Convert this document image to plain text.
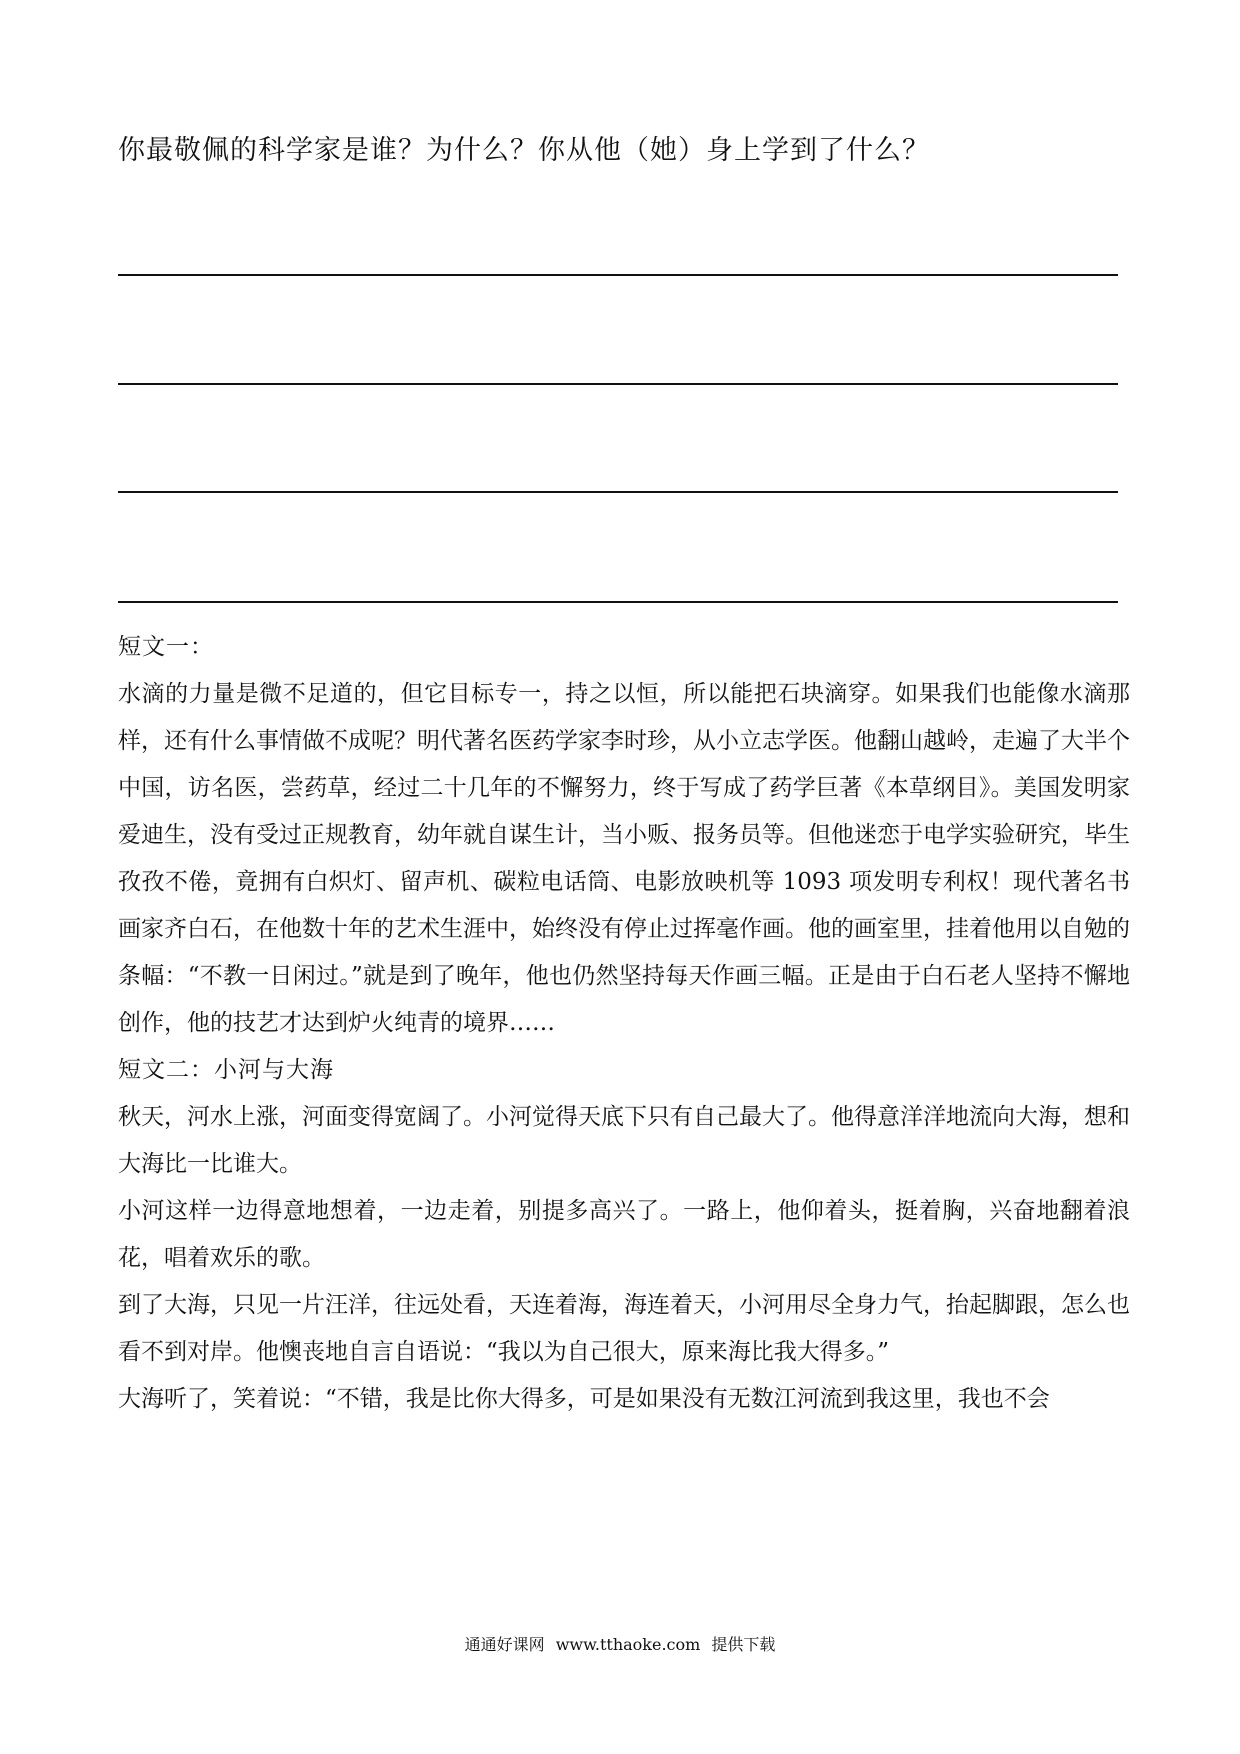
你最敬佩的科学家是谁？为什么？你从他（她）身上学到了什么？

短文一：

水滴的力量是微不足道的，但它目标专一，持之以恒，所以能把石块滴穿。如果我们也能像水滴那样，还有什么事情做不成呢？明代著名医药学家李时珍，从小立志学医。他翻山越岭，走遍了大半个中国，访名医，尝药草，经过二十几年的不懈努力，终于写成了药学巨著《本草纲目》。美国发明家爱迪生，没有受过正规教育，幼年就自谋生计，当小贩、报务员等。但他迷恋于电学实验研究，毕生孜孜不倦，竟拥有白炽灯、留声机、碳粒电话筒、电影放映机等 1093 项发明专利权！现代著名书画家齐白石，在他数十年的艺术生涯中，始终没有停止过挥毫作画。他的画室里，挂着他用以自勉的条幅：“不教一日闲过。”就是到了晚年，他也仍然坚持每天作画三幅。正是由于白石老人坚持不懈地创作，他的技艺才达到炉火纯青的境界……

短文二：小河与大海

秋天，河水上涨，河面变得宽阔了。小河觉得天底下只有自己最大了。他得意洋洋地流向大海，想和大海比一比谁大。

小河这样一边得意地想着，一边走着，别提多高兴了。一路上，他仰着头，挺着胸，兴奋地翻着浪花，唱着欢乐的歌。

到了大海，只见一片汪洋，往远处看，天连着海，海连着天，小河用尽全身力气，抬起脚跟，怎么也看不到对岸。他懊丧地自言自语说：“我以为自己很大，原来海比我大得多。”

大海听了，笑着说：“不错，我是比你大得多，可是如果没有无数江河流到我这里，我也不会

通通好课网 www.tthaoke.com 提供下载
